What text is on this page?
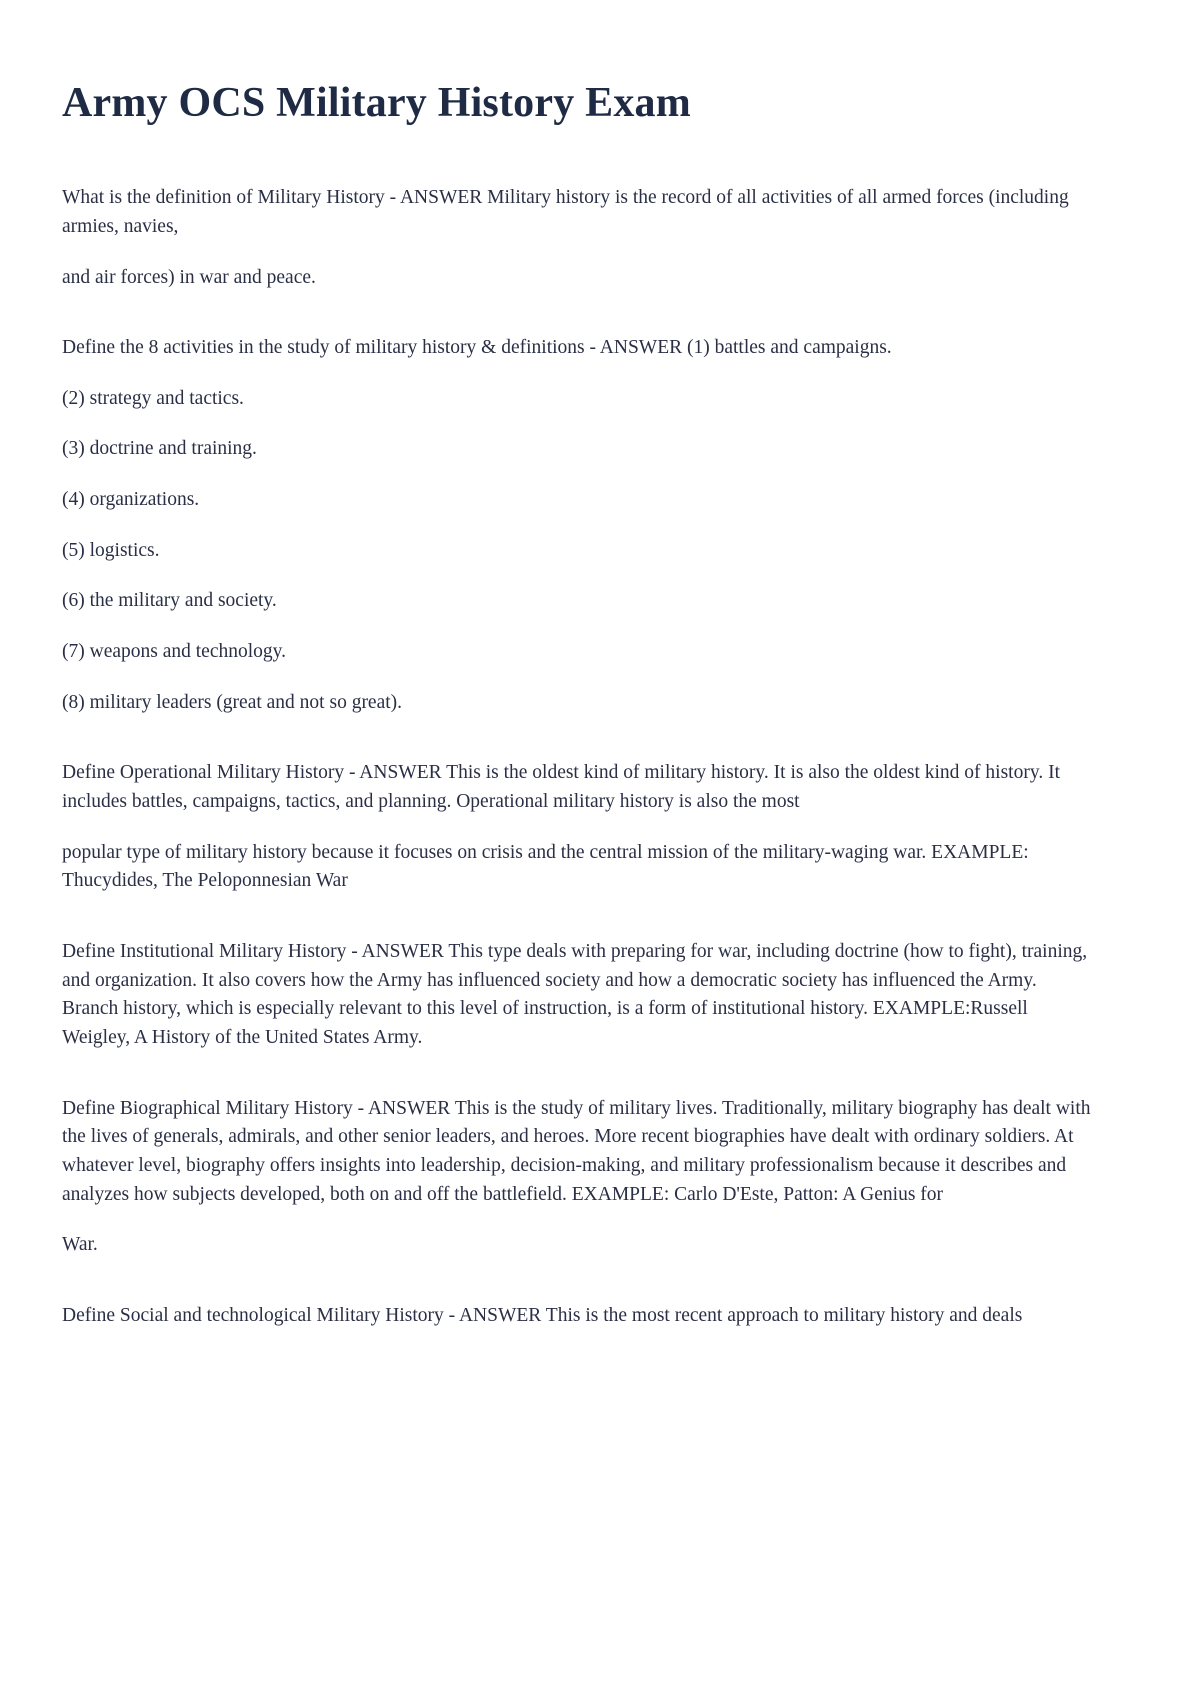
Army OCS Military History Exam

What is the definition of Military History - ANSWER Military history is the record of all activities of all armed forces (including armies, navies,

and air forces) in war and peace.

Define the 8 activities in the study of military history & definitions - ANSWER (1) battles and campaigns.

(2) strategy and tactics.

(3) doctrine and training.

(4) organizations.

(5) logistics.

(6) the military and society.

(7) weapons and technology.

(8) military leaders (great and not so great).

Define Operational Military History - ANSWER This is the oldest kind of military history. It is also the oldest kind of history. It includes battles, campaigns, tactics, and planning. Operational military history is also the most

popular type of military history because it focuses on crisis and the central mission of the military-waging war. EXAMPLE: Thucydides, The Peloponnesian War

Define Institutional Military History - ANSWER This type deals with preparing for war, including doctrine (how to fight), training, and organization. It also covers how the Army has influenced society and how a democratic society has influenced the Army. Branch history, which is especially relevant to this level of instruction, is a form of institutional history. EXAMPLE:Russell Weigley, A History of the United States Army.

Define Biographical Military History - ANSWER This is the study of military lives. Traditionally, military biography has dealt with the lives of generals, admirals, and other senior leaders, and heroes. More recent biographies have dealt with ordinary soldiers. At whatever level, biography offers insights into leadership, decision-making, and military professionalism because it describes and analyzes how subjects developed, both on and off the battlefield. EXAMPLE: Carlo D'Este, Patton: A Genius for

War.

Define Social and technological Military History - ANSWER This is the most recent approach to military history and deals
